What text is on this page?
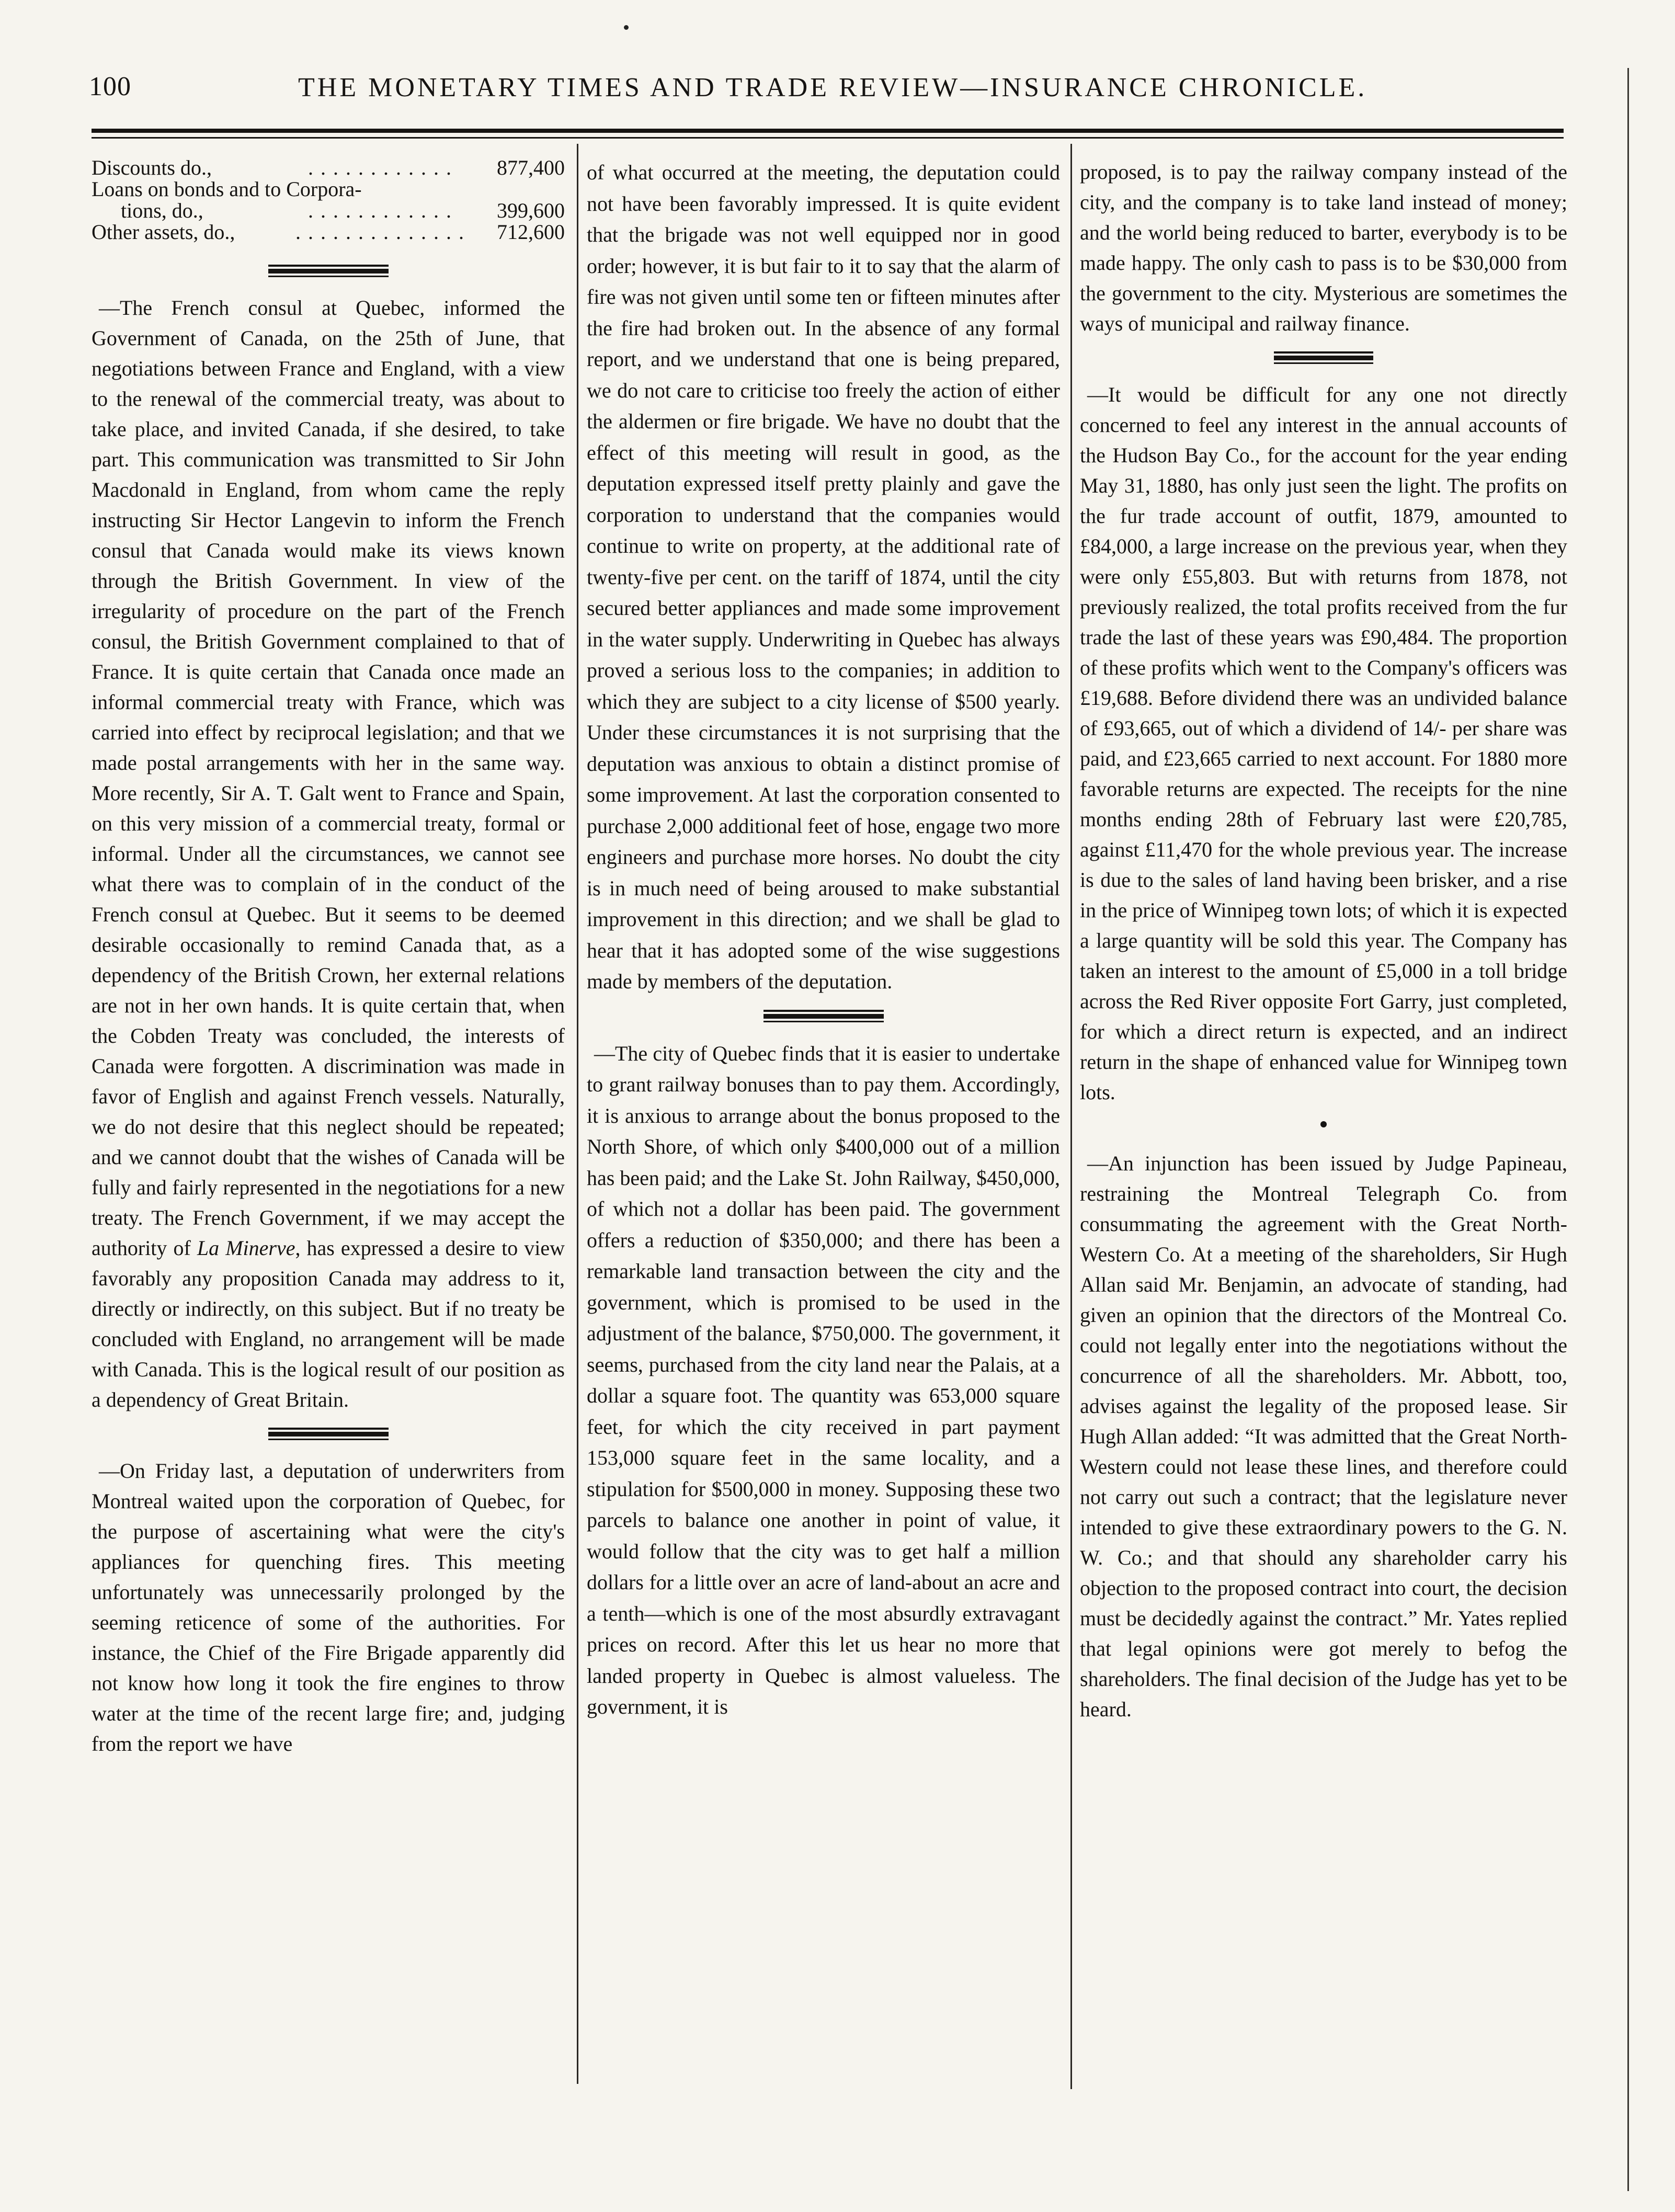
100	THE MONETARY TIMES AND TRADE REVIEW—INSURANCE CHRONICLE.
Discounts do.,	. . . . . . . . . . . .	877,400
Loans on bonds and to Corpora-		
tions, do.,	. . . . . . . . . . . .	399,600
Other assets, do.,	. . . . . . . . . . . . . .	712,600

—The French consul at Quebec, informed the Government of Canada, on the 25th of June, that negotiations between France and England, with a view to the renewal of the commercial treaty, was about to take place, and invited Canada, if she desired, to take part. This communication was transmitted to Sir John Macdonald in England, from whom came the reply instructing Sir Hector Langevin to inform the French consul that Canada would make its views known through the British Government. In view of the irregularity of procedure on the part of the French consul, the British Government complained to that of France. It is quite certain that Canada once made an informal commercial treaty with France, which was carried into effect by reciprocal legislation; and that we made postal arrangements with her in the same way. More recently, Sir A. T. Galt went to France and Spain, on this very mission of a commercial treaty, formal or informal. Under all the circumstances, we cannot see what there was to complain of in the conduct of the French consul at Quebec. But it seems to be deemed desirable occasionally to remind Canada that, as a dependency of the British Crown, her external relations are not in her own hands. It is quite certain that, when the Cobden Treaty was concluded, the interests of Canada were forgotten. A discrimination was made in favor of English and against French vessels. Naturally, we do not desire that this neglect should be repeated; and we cannot doubt that the wishes of Canada will be fully and fairly represented in the negotiations for a new treaty. The French Government, if we may accept the authority of La Minerve, has expressed a desire to view favorably any proposition Canada may address to it, directly or indirectly, on this subject. But if no treaty be concluded with England, no arrangement will be made with Canada. This is the logical result of our position as a dependency of Great Britain.

—On Friday last, a deputation of underwriters from Montreal waited upon the corporation of Quebec, for the purpose of ascertaining what were the city's appliances for quenching fires. This meeting unfortunately was unnecessarily prolonged by the seeming reticence of some of the authorities. For instance, the Chief of the Fire Brigade apparently did not know how long it took the fire engines to throw water at the time of the recent large fire; and, judging from the report we have

of what occurred at the meeting, the deputation could not have been favorably impressed. It is quite evident that the brigade was not well equipped nor in good order; however, it is but fair to it to say that the alarm of fire was not given until some ten or fifteen minutes after the fire had broken out. In the absence of any formal report, and we understand that one is being prepared, we do not care to criticise too freely the action of either the aldermen or fire brigade. We have no doubt that the effect of this meeting will result in good, as the deputation expressed itself pretty plainly and gave the corporation to understand that the companies would continue to write on property, at the additional rate of twenty-five per cent. on the tariff of 1874, until the city secured better appliances and made some improvement in the water supply. Underwriting in Quebec has always proved a serious loss to the companies; in addition to which they are subject to a city license of $500 yearly. Under these circumstances it is not surprising that the deputation was anxious to obtain a distinct promise of some improvement. At last the corporation consented to purchase 2,000 additional feet of hose, engage two more engineers and purchase more horses. No doubt the city is in much need of being aroused to make substantial improvement in this direction; and we shall be glad to hear that it has adopted some of the wise suggestions made by members of the deputation.

—The city of Quebec finds that it is easier to undertake to grant railway bonuses than to pay them. Accordingly, it is anxious to arrange about the bonus proposed to the North Shore, of which only $400,000 out of a million has been paid; and the Lake St. John Railway, $450,000, of which not a dollar has been paid. The government offers a reduction of $350,000; and there has been a remarkable land transaction between the city and the government, which is promised to be used in the adjustment of the balance, $750,000. The government, it seems, purchased from the city land near the Palais, at a dollar a square foot. The quantity was 653,000 square feet, for which the city received in part payment 153,000 square feet in the same locality, and a stipulation for $500,000 in money. Supposing these two parcels to balance one another in point of value, it would follow that the city was to get half a million dollars for a little over an acre of land-about an acre and a tenth—which is one of the most absurdly extravagant prices on record. After this let us hear no more that landed property in Quebec is almost valueless. The government, it is

proposed, is to pay the railway company instead of the city, and the company is to take land instead of money; and the world being reduced to barter, everybody is to be made happy. The only cash to pass is to be $30,000 from the government to the city. Mysterious are sometimes the ways of municipal and railway finance.

—It would be difficult for any one not directly concerned to feel any interest in the annual accounts of the Hudson Bay Co., for the account for the year ending May 31, 1880, has only just seen the light. The profits on the fur trade account of outfit, 1879, amounted to £84,000, a large increase on the previous year, when they were only £55,803. But with returns from 1878, not previously realized, the total profits received from the fur trade the last of these years was £90,484. The proportion of these profits which went to the Company's officers was £19,688. Before dividend there was an undivided balance of £93,665, out of which a dividend of 14/- per share was paid, and £23,665 carried to next account. For 1880 more favorable returns are expected. The receipts for the nine months ending 28th of February last were £20,785, against £11,470 for the whole previous year. The increase is due to the sales of land having been brisker, and a rise in the price of Winnipeg town lots; of which it is expected a large quantity will be sold this year. The Company has taken an interest to the amount of £5,000 in a toll bridge across the Red River opposite Fort Garry, just completed, for which a direct return is expected, and an indirect return in the shape of enhanced value for Winnipeg town lots.

—An injunction has been issued by Judge Papineau, restraining the Montreal Telegraph Co. from consummating the agreement with the Great North-Western Co. At a meeting of the shareholders, Sir Hugh Allan said Mr. Benjamin, an advocate of standing, had given an opinion that the directors of the Montreal Co. could not legally enter into the negotiations without the concurrence of all the shareholders. Mr. Abbott, too, advises against the legality of the proposed lease. Sir Hugh Allan added: “It was admitted that the Great North-Western could not lease these lines, and therefore could not carry out such a contract; that the legislature never intended to give these extraordinary powers to the G. N. W. Co.; and that should any shareholder carry his objection to the proposed contract into court, the decision must be decidedly against the contract.” Mr. Yates replied that legal opinions were got merely to befog the shareholders. The final decision of the Judge has yet to be heard.
